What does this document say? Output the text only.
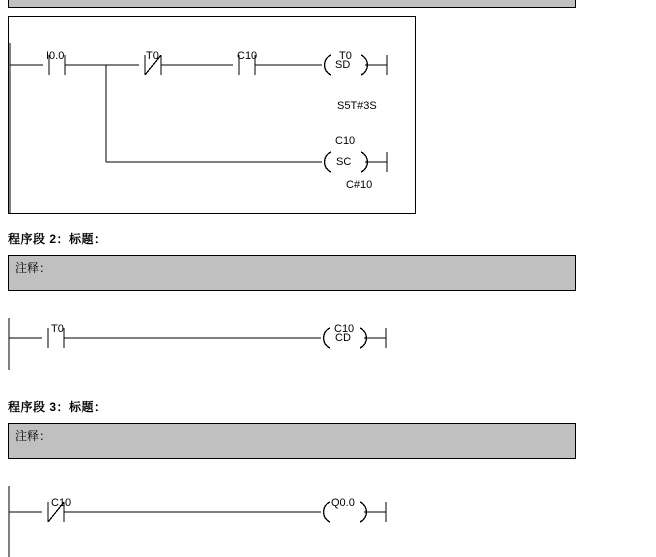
I0.0	T0	C10	T0
SD
S5T#3S
C10
SC
C#10
程序段 2：标题：
注释：
T0	C10
CD
程序段 3：标题：
注释：
C10	Q0.0
